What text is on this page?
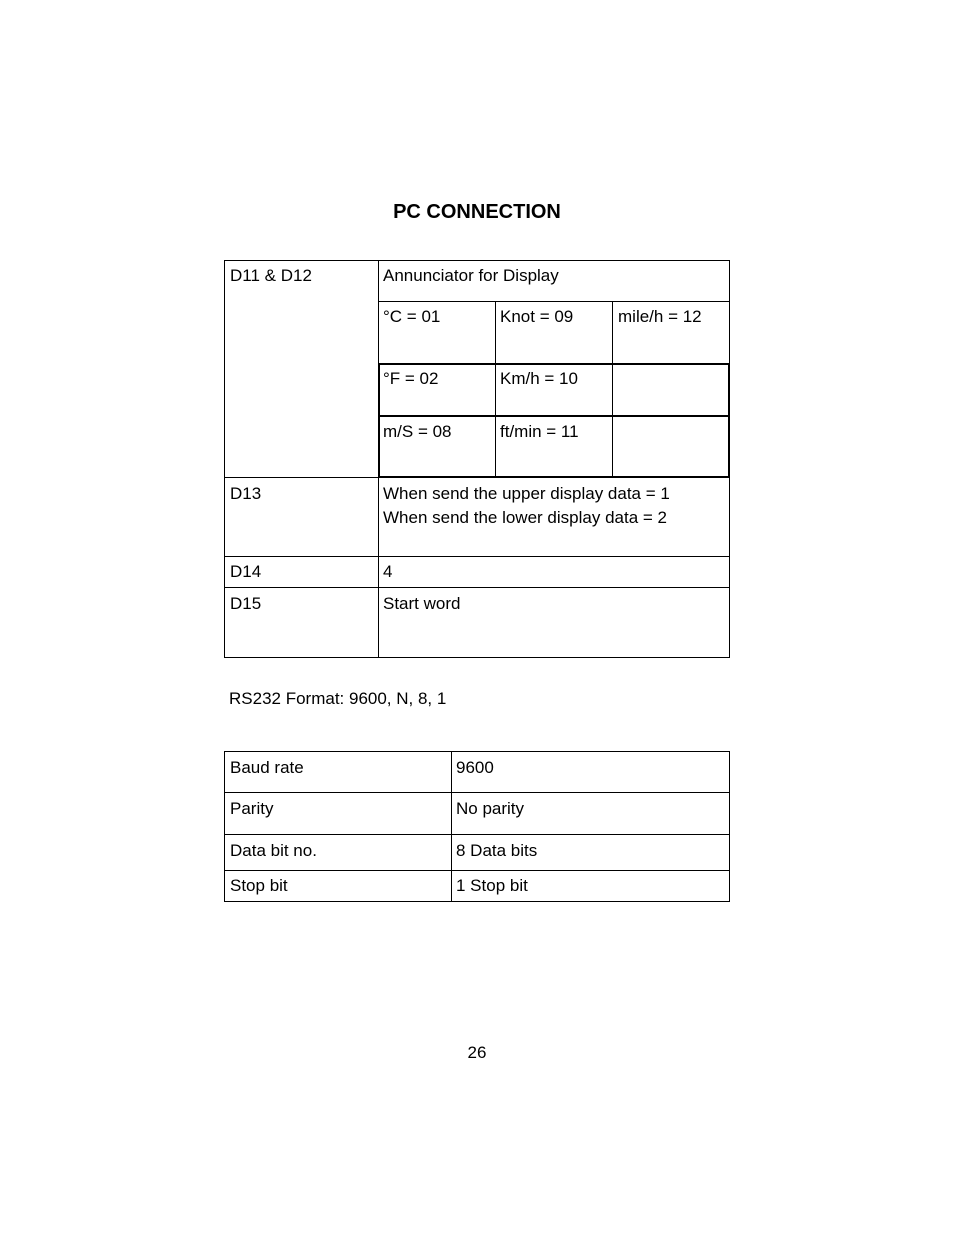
PC CONNECTION
D11 & D12	Annunciator for Display
°C = 01	Knot = 09	mile/h = 12
°F = 02	Km/h = 10
m/S = 08	ft/min = 11
D13	When send the upper display data = 1
When send the lower display data = 2
D14	4
D15	Start word
RS232 Format: 9600, N, 8, 1
Baud rate	9600
Parity	No parity
Data bit no.	8 Data bits
Stop bit	1 Stop bit
26
